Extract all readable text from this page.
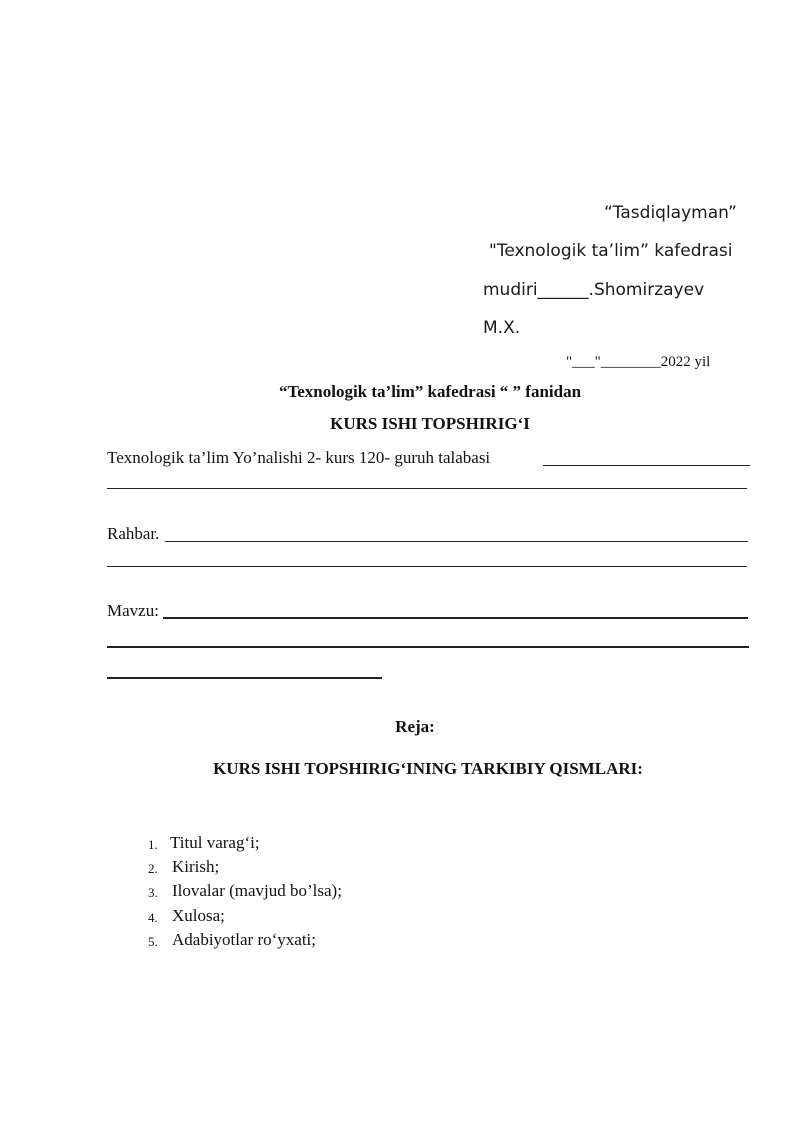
“Tasdiqlayman”
"Texnologik ta’lim” kafedrasi
mudiri______.Shomirzayev
M.X.
"___"________2022 yil
“Texnologik ta’lim” kafedrasi “ ” fanidan
KURS ISHI TOPSHIRIG‘I
Texnologik ta’lim Yo’nalishi 2- kurs 120- guruh talabasi
Rahbar.
Mavzu:
Reja:
KURS ISHI TOPSHIRIG‘INING TARKIBIY QISMLARI:
1. Titul varag‘i;
2. Kirish;
3. Ilovalar (mavjud bo’lsa);
4. Xulosa;
5. Adabiyotlar ro‘yxati;
